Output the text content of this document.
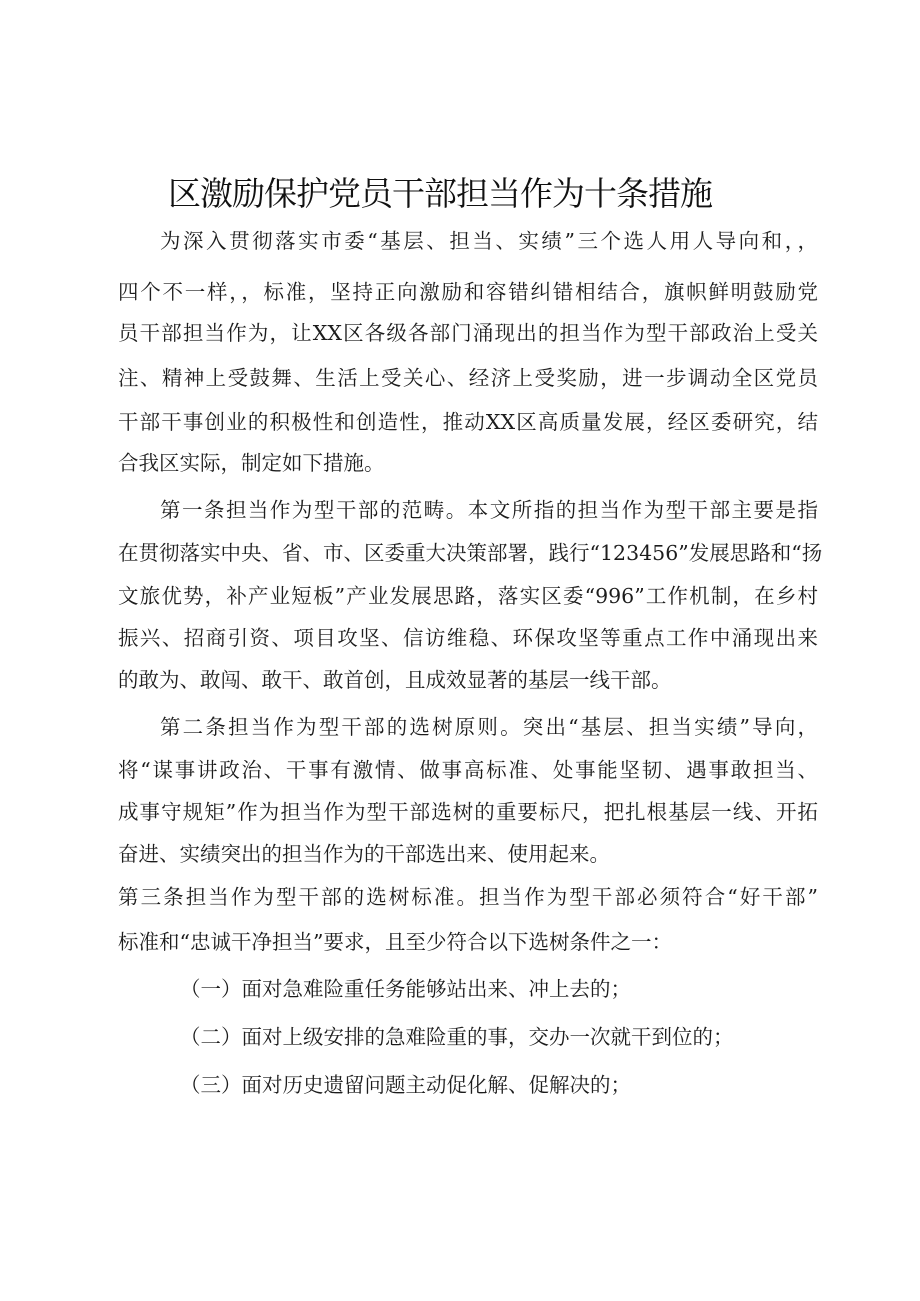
区激励保护党员干部担当作为十条措施
为深入贯彻落实市委“基层、担当、实绩”三个选人用人导向和，，
四个不一样，，标准，坚持正向激励和容错纠错相结合，旗帜鲜明鼓励党
员干部担当作为，让XX区各级各部门涌现出的担当作为型干部政治上受关
注、精神上受鼓舞、生活上受关心、经济上受奖励，进一步调动全区党员
干部干事创业的积极性和创造性，推动XX区高质量发展，经区委研究，结
合我区实际，制定如下措施。
第一条担当作为型干部的范畴。本文所指的担当作为型干部主要是指
在贯彻落实中央、省、市、区委重大决策部署，践行“123456”发展思路和“扬
文旅优势，补产业短板”产业发展思路，落实区委“996”工作机制，在乡村
振兴、招商引资、项目攻坚、信访维稳、环保攻坚等重点工作中涌现出来
的敢为、敢闯、敢干、敢首创，且成效显著的基层一线干部。
第二条担当作为型干部的选树原则。突出“基层、担当实绩”导向，
将“谋事讲政治、干事有激情、做事高标准、处事能坚韧、遇事敢担当、
成事守规矩”作为担当作为型干部选树的重要标尺，把扎根基层一线、开拓
奋进、实绩突出的担当作为的干部选出来、使用起来。
第三条担当作为型干部的选树标准。担当作为型干部必须符合“好干部”
标准和“忠诚干净担当”要求，且至少符合以下选树条件之一：
（一）面对急难险重任务能够站出来、冲上去的；
（二）面对上级安排的急难险重的事，交办一次就干到位的；
（三）面对历史遗留问题主动促化解、促解决的；
